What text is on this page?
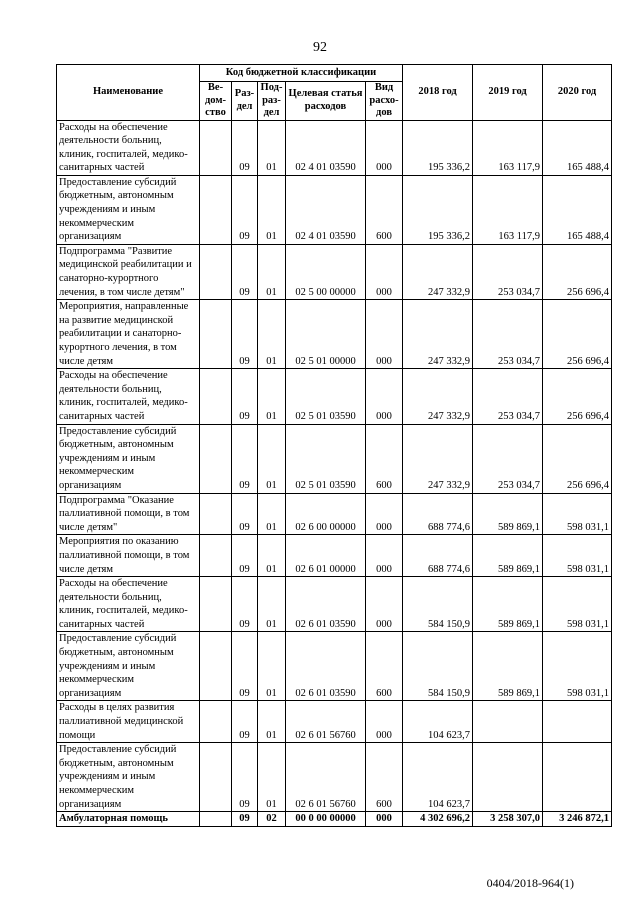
92
Наименование	Код бюджетной классификации					2018 год	2019 год	2020 год
	Ве-дом-ство	Раз-дел	Под-раз-дел	Целевая статья расходов	Вид расхо-дов			
Расходы на обеспечение деятельности больниц, клиник, госпиталей, медико-санитарных частей		09	01	02 4 01 03590	000	195 336,2	163 117,9	165 488,4
Предоставление субсидий бюджетным, автономным учреждениям и иным некоммерческим организациям		09	01	02 4 01 03590	600	195 336,2	163 117,9	165 488,4
Подпрограмма "Развитие медицинской реабилитации и санаторно-курортного лечения, в том числе детям"		09	01	02 5 00 00000	000	247 332,9	253 034,7	256 696,4
Мероприятия, направленные на развитие медицинской реабилитации и санаторно-курортного лечения, в том числе детям		09	01	02 5 01 00000	000	247 332,9	253 034,7	256 696,4
Расходы на обеспечение деятельности больниц, клиник, госпиталей, медико-санитарных частей		09	01	02 5 01 03590	000	247 332,9	253 034,7	256 696,4
Предоставление субсидий бюджетным, автономным учреждениям и иным некоммерческим организациям		09	01	02 5 01 03590	600	247 332,9	253 034,7	256 696,4
Подпрограмма "Оказание паллиативной помощи, в том числе детям"		09	01	02 6 00 00000	000	688 774,6	589 869,1	598 031,1
Мероприятия по оказанию паллиативной помощи, в том числе детям		09	01	02 6 01 00000	000	688 774,6	589 869,1	598 031,1
Расходы на обеспечение деятельности больниц, клиник, госпиталей, медико-санитарных частей		09	01	02 6 01 03590	000	584 150,9	589 869,1	598 031,1
Предоставление субсидий бюджетным, автономным учреждениям и иным некоммерческим организациям		09	01	02 6 01 03590	600	584 150,9	589 869,1	598 031,1
Расходы в целях развития паллиативной медицинской помощи		09	01	02 6 01 56760	000	104 623,7		
Предоставление субсидий бюджетным, автономным учреждениям и иным некоммерческим организациям		09	01	02 6 01 56760	600	104 623,7		
Амбулаторная помощь		09	02	00 0 00 00000	000	4 302 696,2	3 258 307,0	3 246 872,1
0404/2018-964(1)
